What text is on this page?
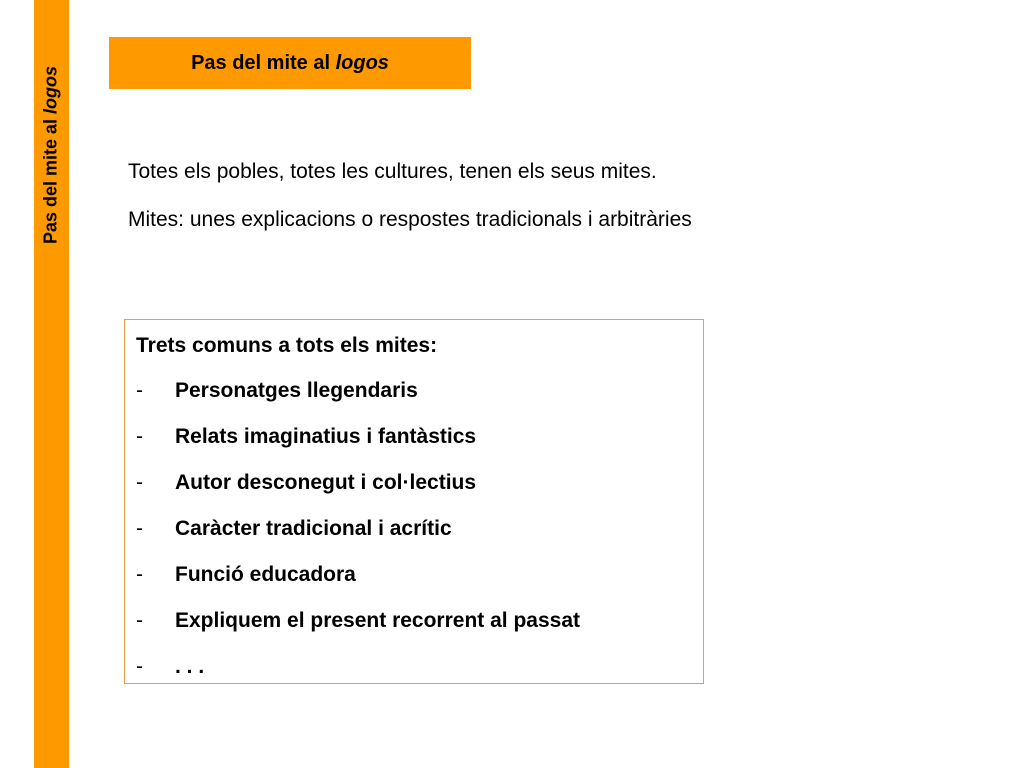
Pas del mite al logos
Pas del mite al logos

Totes els pobles, totes les cultures, tenen els seus mites.

Mites: unes explicacions o respostes tradicionals i arbitràries

Trets comuns a tots els mites:

-	Personatges llegendaris
-	Relats imaginatius i fantàstics
-	Autor desconegut i col·lectius
-	Caràcter tradicional i acrític
-	Funció educadora
-	Expliquem el present recorrent al passat
-	. . .
